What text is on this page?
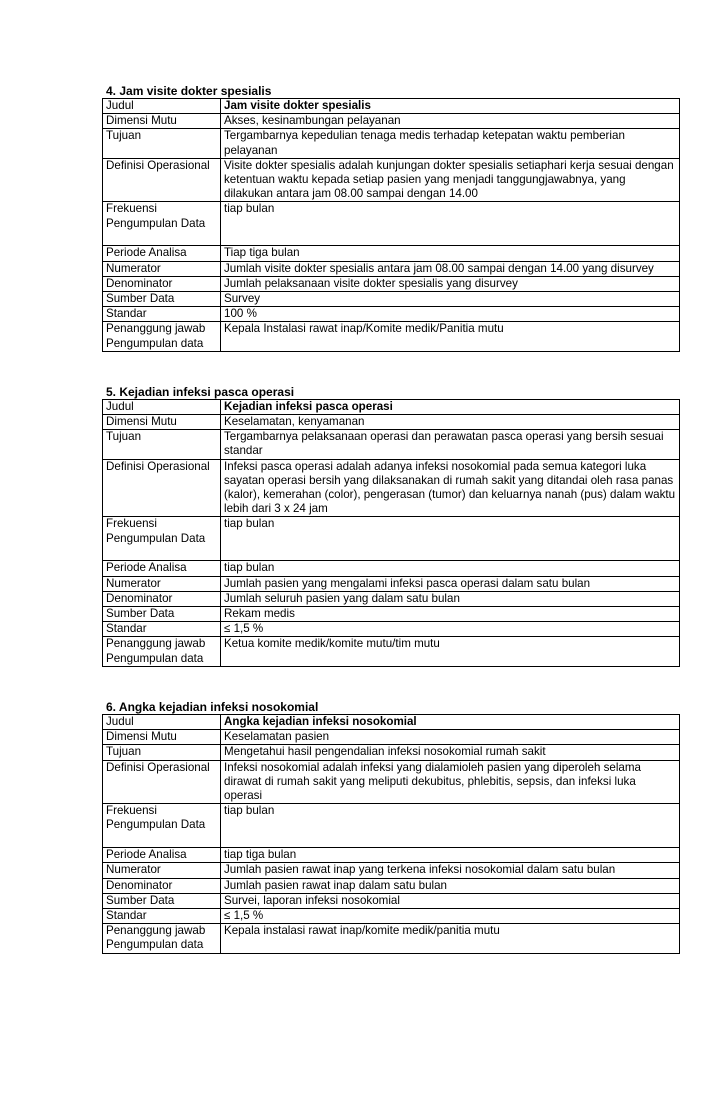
4. Jam visite dokter spesialis

Judul	Jam visite dokter spesialis
Dimensi Mutu	Akses, kesinambungan pelayanan
Tujuan	Tergambarnya kepedulian tenaga medis terhadap ketepatan waktu pemberian pelayanan
Definisi Operasional	Visite dokter spesialis adalah kunjungan dokter spesialis setiaphari kerja sesuai dengan ketentuan waktu kepada setiap pasien yang menjadi tanggungjawabnya, yang dilakukan antara jam 08.00 sampai dengan 14.00
Frekuensi Pengumpulan Data	tiap bulan
Periode Analisa	Tiap tiga bulan
Numerator	Jumlah visite dokter spesialis antara jam 08.00 sampai dengan 14.00 yang disurvey
Denominator	Jumlah pelaksanaan visite dokter spesialis yang disurvey
Sumber Data	Survey
Standar	100 %
Penanggung jawab Pengumpulan data	Kepala Instalasi rawat inap/Komite medik/Panitia mutu

5. Kejadian infeksi pasca operasi

Judul	Kejadian infeksi pasca operasi
Dimensi Mutu	Keselamatan, kenyamanan
Tujuan	Tergambarnya pelaksanaan operasi dan perawatan pasca operasi yang bersih sesuai standar
Definisi Operasional	Infeksi pasca operasi adalah adanya infeksi nosokomial pada semua kategori luka sayatan operasi bersih yang dilaksanakan di rumah sakit yang ditandai oleh rasa panas (kalor), kemerahan (color), pengerasan (tumor) dan keluarnya nanah (pus) dalam waktu lebih dari 3 x 24 jam
Frekuensi Pengumpulan Data	tiap bulan
Periode Analisa	tiap bulan
Numerator	Jumlah pasien yang mengalami infeksi pasca operasi dalam satu bulan
Denominator	Jumlah seluruh pasien yang dalam satu bulan
Sumber Data	Rekam medis
Standar	≤ 1,5 %
Penanggung jawab Pengumpulan data	Ketua komite medik/komite mutu/tim mutu

6. Angka kejadian infeksi nosokomial

Judul	Angka kejadian infeksi nosokomial
Dimensi Mutu	Keselamatan pasien
Tujuan	Mengetahui hasil pengendalian infeksi nosokomial rumah sakit
Definisi Operasional	Infeksi nosokomial adalah infeksi yang dialamioleh pasien yang diperoleh selama dirawat di rumah sakit yang meliputi dekubitus, phlebitis, sepsis, dan infeksi luka operasi
Frekuensi Pengumpulan Data	tiap bulan
Periode Analisa	tiap tiga bulan
Numerator	Jumlah pasien rawat inap yang terkena infeksi nosokomial dalam satu bulan
Denominator	Jumlah pasien rawat inap dalam satu bulan
Sumber Data	Survei, laporan infeksi nosokomial
Standar	≤ 1,5 %
Penanggung jawab Pengumpulan data	Kepala instalasi rawat inap/komite medik/panitia mutu
